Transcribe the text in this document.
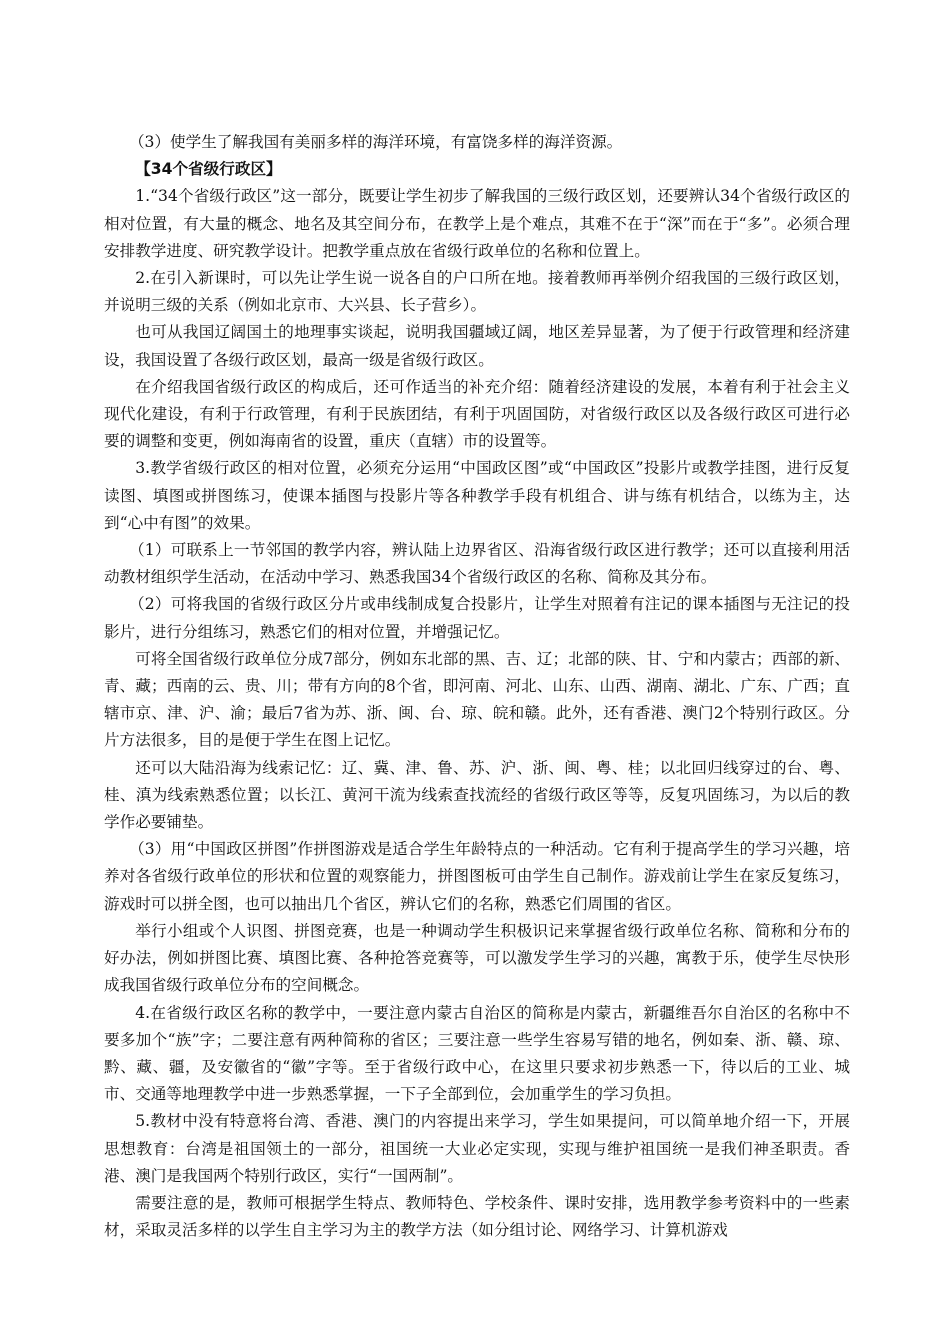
（3）使学生了解我国有美丽多样的海洋环境，有富饶多样的海洋资源。

【34个省级行政区】

1.“34个省级行政区”这一部分，既要让学生初步了解我国的三级行政区划，还要辨认34个省级行政区的相对位置，有大量的概念、地名及其空间分布，在教学上是个难点，其难不在于“深”而在于“多”。必须合理安排教学进度、研究教学设计。把教学重点放在省级行政单位的名称和位置上。

2.在引入新课时，可以先让学生说一说各自的户口所在地。接着教师再举例介绍我国的三级行政区划，并说明三级的关系（例如北京市、大兴县、长子营乡）。

也可从我国辽阔国土的地理事实谈起，说明我国疆域辽阔，地区差异显著，为了便于行政管理和经济建设，我国设置了各级行政区划，最高一级是省级行政区。

在介绍我国省级行政区的构成后，还可作适当的补充介绍：随着经济建设的发展，本着有利于社会主义现代化建设，有利于行政管理，有利于民族团结，有利于巩固国防，对省级行政区以及各级行政区可进行必要的调整和变更，例如海南省的设置，重庆（直辖）市的设置等。

3.教学省级行政区的相对位置，必须充分运用“中国政区图”或“中国政区”投影片或教学挂图，进行反复读图、填图或拼图练习，使课本插图与投影片等各种教学手段有机组合、讲与练有机结合，以练为主，达到“心中有图”的效果。

（1）可联系上一节邻国的教学内容，辨认陆上边界省区、沿海省级行政区进行教学；还可以直接利用活动教材组织学生活动，在活动中学习、熟悉我国34个省级行政区的名称、简称及其分布。

（2）可将我国的省级行政区分片或串线制成复合投影片，让学生对照着有注记的课本插图与无注记的投影片，进行分组练习，熟悉它们的相对位置，并增强记忆。

可将全国省级行政单位分成7部分，例如东北部的黑、吉、辽；北部的陕、甘、宁和内蒙古；西部的新、青、藏；西南的云、贵、川；带有方向的8个省，即河南、河北、山东、山西、湖南、湖北、广东、广西；直辖市京、津、沪、渝；最后7省为苏、浙、闽、台、琼、皖和赣。此外，还有香港、澳门2个特别行政区。分片方法很多，目的是便于学生在图上记忆。

还可以大陆沿海为线索记忆：辽、冀、津、鲁、苏、沪、浙、闽、粤、桂；以北回归线穿过的台、粤、桂、滇为线索熟悉位置；以长江、黄河干流为线索查找流经的省级行政区等等，反复巩固练习，为以后的教学作必要铺垫。

（3）用“中国政区拼图”作拼图游戏是适合学生年龄特点的一种活动。它有利于提高学生的学习兴趣，培养对各省级行政单位的形状和位置的观察能力，拼图图板可由学生自己制作。游戏前让学生在家反复练习，游戏时可以拼全图，也可以抽出几个省区，辨认它们的名称，熟悉它们周围的省区。

举行小组或个人识图、拼图竞赛，也是一种调动学生积极识记来掌握省级行政单位名称、简称和分布的好办法，例如拼图比赛、填图比赛、各种抢答竞赛等，可以激发学生学习的兴趣，寓教于乐，使学生尽快形成我国省级行政单位分布的空间概念。

4.在省级行政区名称的教学中，一要注意内蒙古自治区的简称是内蒙古，新疆维吾尔自治区的名称中不要多加个“族”字；二要注意有两种简称的省区；三要注意一些学生容易写错的地名，例如秦、浙、赣、琼、黔、藏、疆，及安徽省的“徽”字等。至于省级行政中心，在这里只要求初步熟悉一下，待以后的工业、城市、交通等地理教学中进一步熟悉掌握，一下子全部到位，会加重学生的学习负担。

5.教材中没有特意将台湾、香港、澳门的内容提出来学习，学生如果提问，可以简单地介绍一下，开展思想教育：台湾是祖国领土的一部分，祖国统一大业必定实现，实现与维护祖国统一是我们神圣职责。香港、澳门是我国两个特别行政区，实行“一国两制”。

需要注意的是，教师可根据学生特点、教师特色、学校条件、课时安排，选用教学参考资料中的一些素材，采取灵活多样的以学生自主学习为主的教学方法（如分组讨论、网络学习、计算机游戏
